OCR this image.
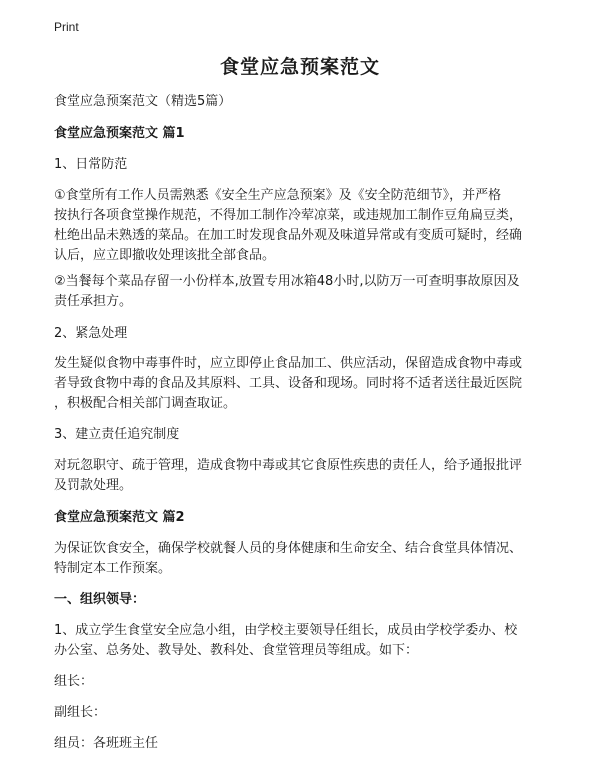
Print
食堂应急预案范文
食堂应急预案范文（精选5篇）
食堂应急预案范文 篇1
1、日常防范
①食堂所有工作人员需熟悉《安全生产应急预案》及《安全防范细节》，并严格
按执行各项食堂操作规范，不得加工制作冷荤凉菜，或违规加工制作豆角扁豆类，
杜绝出品未熟透的菜品。在加工时发现食品外观及味道异常或有变质可疑时，经确
认后，应立即撤收处理该批全部食品。
②当餐每个菜品存留一小份样本,放置专用冰箱48小时,以防万一可查明事故原因及
责任承担方。
2、紧急处理
发生疑似食物中毒事件时，应立即停止食品加工、供应活动，保留造成食物中毒或
者导致食物中毒的食品及其原料、工具、设备和现场。同时将不适者送往最近医院
，积极配合相关部门调查取证。
3、建立责任追究制度
对玩忽职守、疏于管理，造成食物中毒或其它食原性疾患的责任人，给予通报批评
及罚款处理。
食堂应急预案范文 篇2
为保证饮食安全，确保学校就餐人员的身体健康和生命安全、结合食堂具体情况、
特制定本工作预案。
一、组织领导：
1、成立学生食堂安全应急小组，由学校主要领导任组长，成员由学校学委办、校
办公室、总务处、教导处、教科处、食堂管理员等组成。如下：
组长：
副组长：
组员：各班班主任
